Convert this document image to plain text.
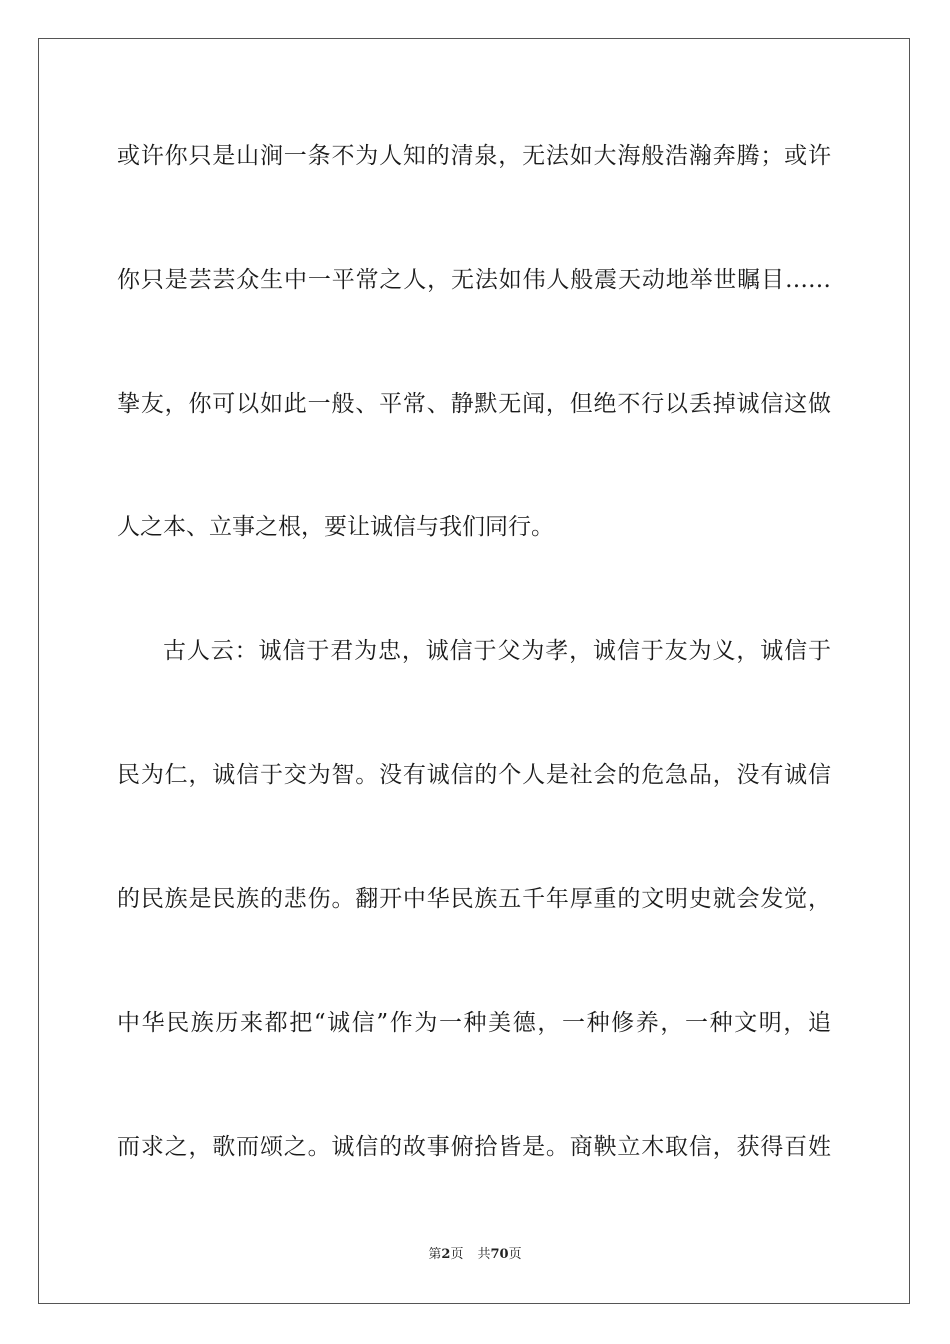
或许你只是山涧一条不为人知的清泉，无法如大海般浩瀚奔腾；或许
你只是芸芸众生中一平常之人，无法如伟人般震天动地举世瞩目……
挚友，你可以如此一般、平常、静默无闻，但绝不行以丢掉诚信这做
人之本、立事之根，要让诚信与我们同行。
古人云：诚信于君为忠，诚信于父为孝，诚信于友为义，诚信于
民为仁，诚信于交为智。没有诚信的个人是社会的危急品，没有诚信
的民族是民族的悲伤。翻开中华民族五千年厚重的文明史就会发觉，
中华民族历来都把“诚信”作为一种美德，一种修养，一种文明，追
而求之，歌而颂之。诚信的故事俯拾皆是。商鞅立木取信，获得百姓
第2页 共70页
